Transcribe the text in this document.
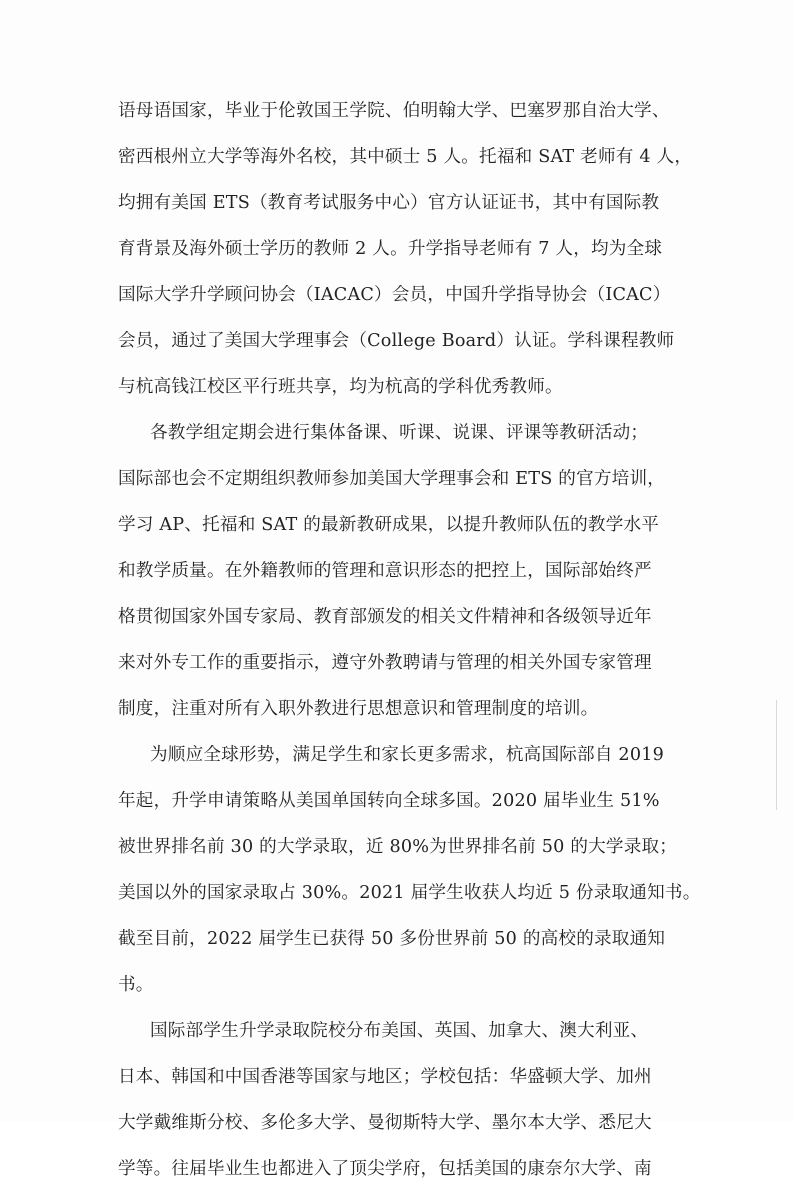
语母语国家，毕业于伦敦国王学院、伯明翰大学、巴塞罗那自治大学、
密西根州立大学等海外名校，其中硕士 5 人。托福和 SAT 老师有 4 人，
均拥有美国 ETS（教育考试服务中心）官方认证证书，其中有国际教
育背景及海外硕士学历的教师 2 人。升学指导老师有 7 人，均为全球
国际大学升学顾问协会（IACAC）会员，中国升学指导协会（ICAC）
会员，通过了美国大学理事会（College Board）认证。学科课程教师
与杭高钱江校区平行班共享，均为杭高的学科优秀教师。
各教学组定期会进行集体备课、听课、说课、评课等教研活动；
国际部也会不定期组织教师参加美国大学理事会和 ETS 的官方培训，
学习 AP、托福和 SAT 的最新教研成果，以提升教师队伍的教学水平
和教学质量。在外籍教师的管理和意识形态的把控上，国际部始终严
格贯彻国家外国专家局、教育部颁发的相关文件精神和各级领导近年
来对外专工作的重要指示，遵守外教聘请与管理的相关外国专家管理
制度，注重对所有入职外教进行思想意识和管理制度的培训。
为顺应全球形势，满足学生和家长更多需求，杭高国际部自 2019
年起，升学申请策略从美国单国转向全球多国。2020 届毕业生 51%
被世界排名前 30 的大学录取，近 80%为世界排名前 50 的大学录取；
美国以外的国家录取占 30%。2021 届学生收获人均近 5 份录取通知书。
截至目前，2022 届学生已获得 50 多份世界前 50 的高校的录取通知
书。
国际部学生升学录取院校分布美国、英国、加拿大、澳大利亚、
日本、韩国和中国香港等国家与地区；学校包括：华盛顿大学、加州
大学戴维斯分校、多伦多大学、曼彻斯特大学、墨尔本大学、悉尼大
学等。往届毕业生也都进入了顶尖学府，包括美国的康奈尔大学、南
